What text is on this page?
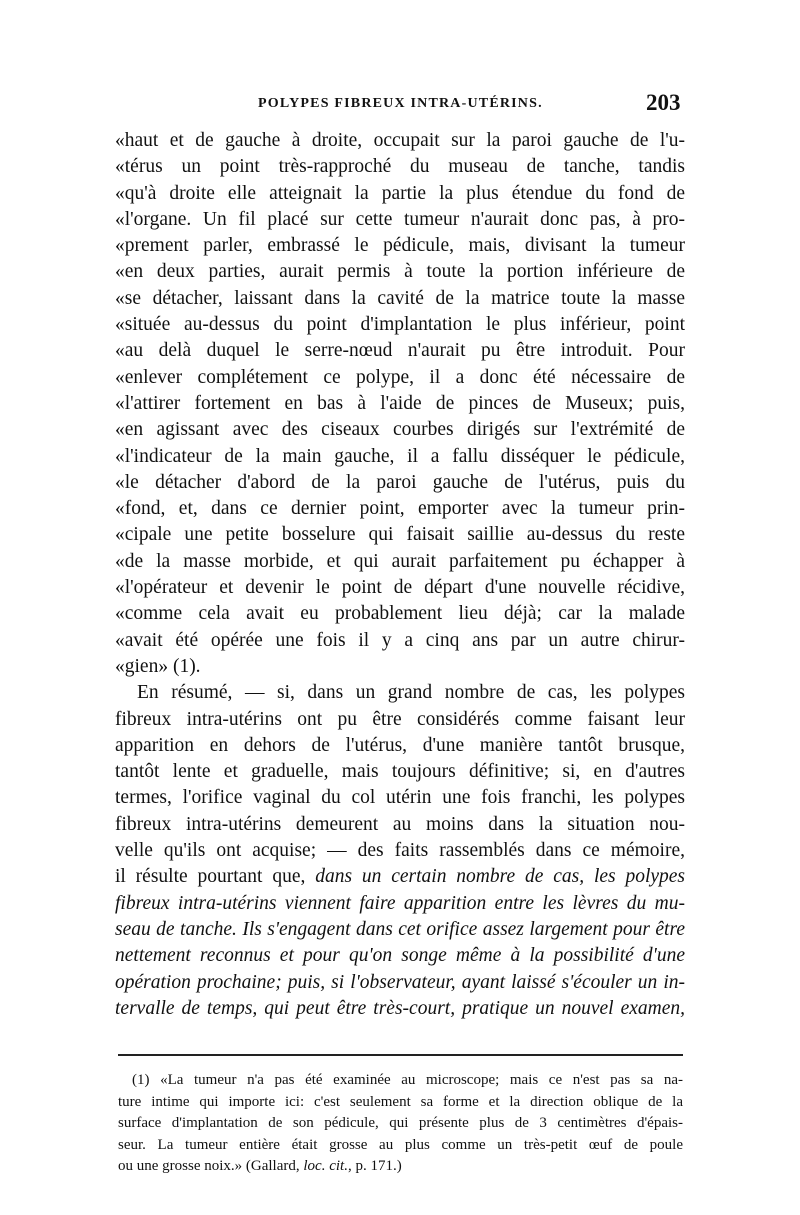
POLYPES FIBREUX INTRA-UTÉRINS.	203
«haut et de gauche à droite, occupait sur la paroi gauche de l'u-
«térus un point très-rapproché du museau de tanche, tandis
«qu'à droite elle atteignait la partie la plus étendue du fond de
«l'organe. Un fil placé sur cette tumeur n'aurait donc pas, à pro-
«prement parler, embrassé le pédicule, mais, divisant la tumeur
«en deux parties, aurait permis à toute la portion inférieure de
«se détacher, laissant dans la cavité de la matrice toute la masse
«située au-dessus du point d'implantation le plus inférieur, point
«au delà duquel le serre-nœud n'aurait pu être introduit. Pour
«enlever complétement ce polype, il a donc été nécessaire de
«l'attirer fortement en bas à l'aide de pinces de Museux; puis,
«en agissant avec des ciseaux courbes dirigés sur l'extrémité de
«l'indicateur de la main gauche, il a fallu disséquer le pédicule,
«le détacher d'abord de la paroi gauche de l'utérus, puis du
«fond, et, dans ce dernier point, emporter avec la tumeur prin-
«cipale une petite bosselure qui faisait saillie au-dessus du reste
«de la masse morbide, et qui aurait parfaitement pu échapper à
«l'opérateur et devenir le point de départ d'une nouvelle récidive,
«comme cela avait eu probablement lieu déjà; car la malade
«avait été opérée une fois il y a cinq ans par un autre chirur-
«gien» (1).
En résumé, — si, dans un grand nombre de cas, les polypes
fibreux intra-utérins ont pu être considérés comme faisant leur
apparition en dehors de l'utérus, d'une manière tantôt brusque,
tantôt lente et graduelle, mais toujours définitive; si, en d'autres
termes, l'orifice vaginal du col utérin une fois franchi, les polypes
fibreux intra-utérins demeurent au moins dans la situation nou-
velle qu'ils ont acquise; — des faits rassemblés dans ce mémoire,
il résulte pourtant que, dans un certain nombre de cas, les polypes
fibreux intra-utérins viennent faire apparition entre les lèvres du mu-
seau de tanche. Ils s'engagent dans cet orifice assez largement pour être
nettement reconnus et pour qu'on songe même à la possibilité d'une
opération prochaine; puis, si l'observateur, ayant laissé s'écouler un in-
tervalle de temps, qui peut être très-court, pratique un nouvel examen,
(1) «La tumeur n'a pas été examinée au microscope; mais ce n'est pas sa na-
ture intime qui importe ici: c'est seulement sa forme et la direction oblique de la
surface d'implantation de son pédicule, qui présente plus de 3 centimètres d'épais-
seur. La tumeur entière était grosse au plus comme un très-petit œuf de poule
ou une grosse noix.» (Gallard, loc. cit., p. 171.)
